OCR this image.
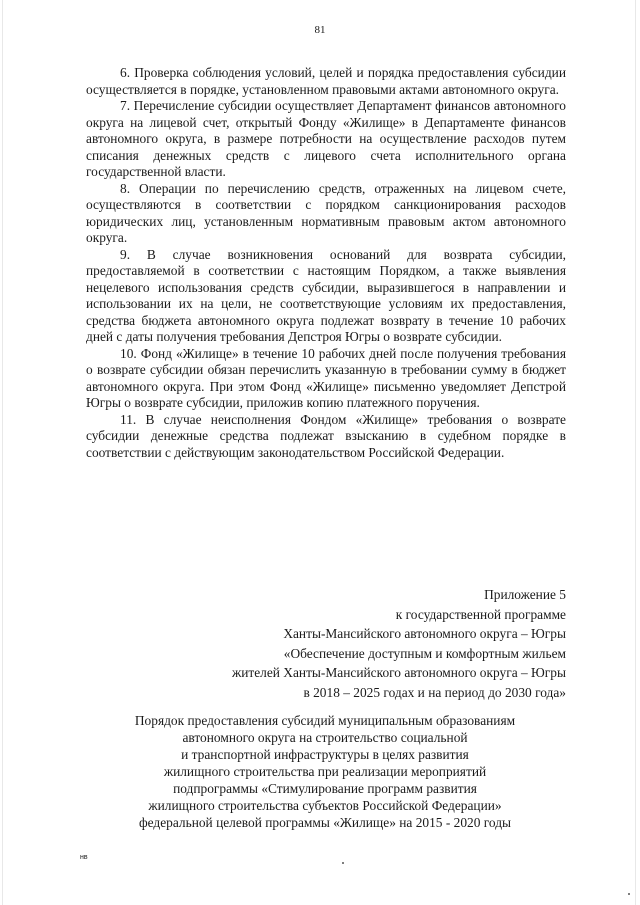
81

6. Проверка соблюдения условий, целей и порядка предоставления субсидии осуществляется в порядке, установленном правовыми актами автономного округа.

7. Перечисление субсидии осуществляет Департамент финансов автономного округа на лицевой счет, открытый Фонду «Жилище» в Департаменте финансов автономного округа, в размере потребности на осуществление расходов путем списания денежных средств с лицевого счета исполнительного органа государственной власти.

8. Операции по перечислению средств, отраженных на лицевом счете, осуществляются в соответствии с порядком санкционирования расходов юридических лиц, установленным нормативным правовым актом автономного округа.

9. В случае возникновения оснований для возврата субсидии, предоставляемой в соответствии с настоящим Порядком, а также выявления нецелевого использования средств субсидии, выразившегося в направлении и использовании их на цели, не соответствующие условиям их предоставления, средства бюджета автономного округа подлежат возврату в течение 10 рабочих дней с даты получения требования Депстроя Югры о возврате субсидии.

10. Фонд «Жилище» в течение 10 рабочих дней после получения требования о возврате субсидии обязан перечислить указанную в требовании сумму в бюджет автономного округа. При этом Фонд «Жилище» письменно уведомляет Депстрой Югры о возврате субсидии, приложив копию платежного поручения.

11. В случае неисполнения Фондом «Жилище» требования о возврате субсидии денежные средства подлежат взысканию в судебном порядке в соответствии с действующим законодательством Российской Федерации.

Приложение 5
к государственной программе
Ханты-Мансийского автономного округа – Югры
«Обеспечение доступным и комфортным жильем
жителей Ханты-Мансийского автономного округа – Югры
в 2018 – 2025 годах и на период до 2030 года»
Порядок предоставления субсидий муниципальным образованиям
автономного округа на строительство социальной
и транспортной инфраструктуры в целях развития
жилищного строительства при реализации мероприятий
подпрограммы «Стимулирование программ развития
жилищного строительства субъектов Российской Федерации»
федеральной целевой программы «Жилище» на 2015 - 2020 годы
нв
